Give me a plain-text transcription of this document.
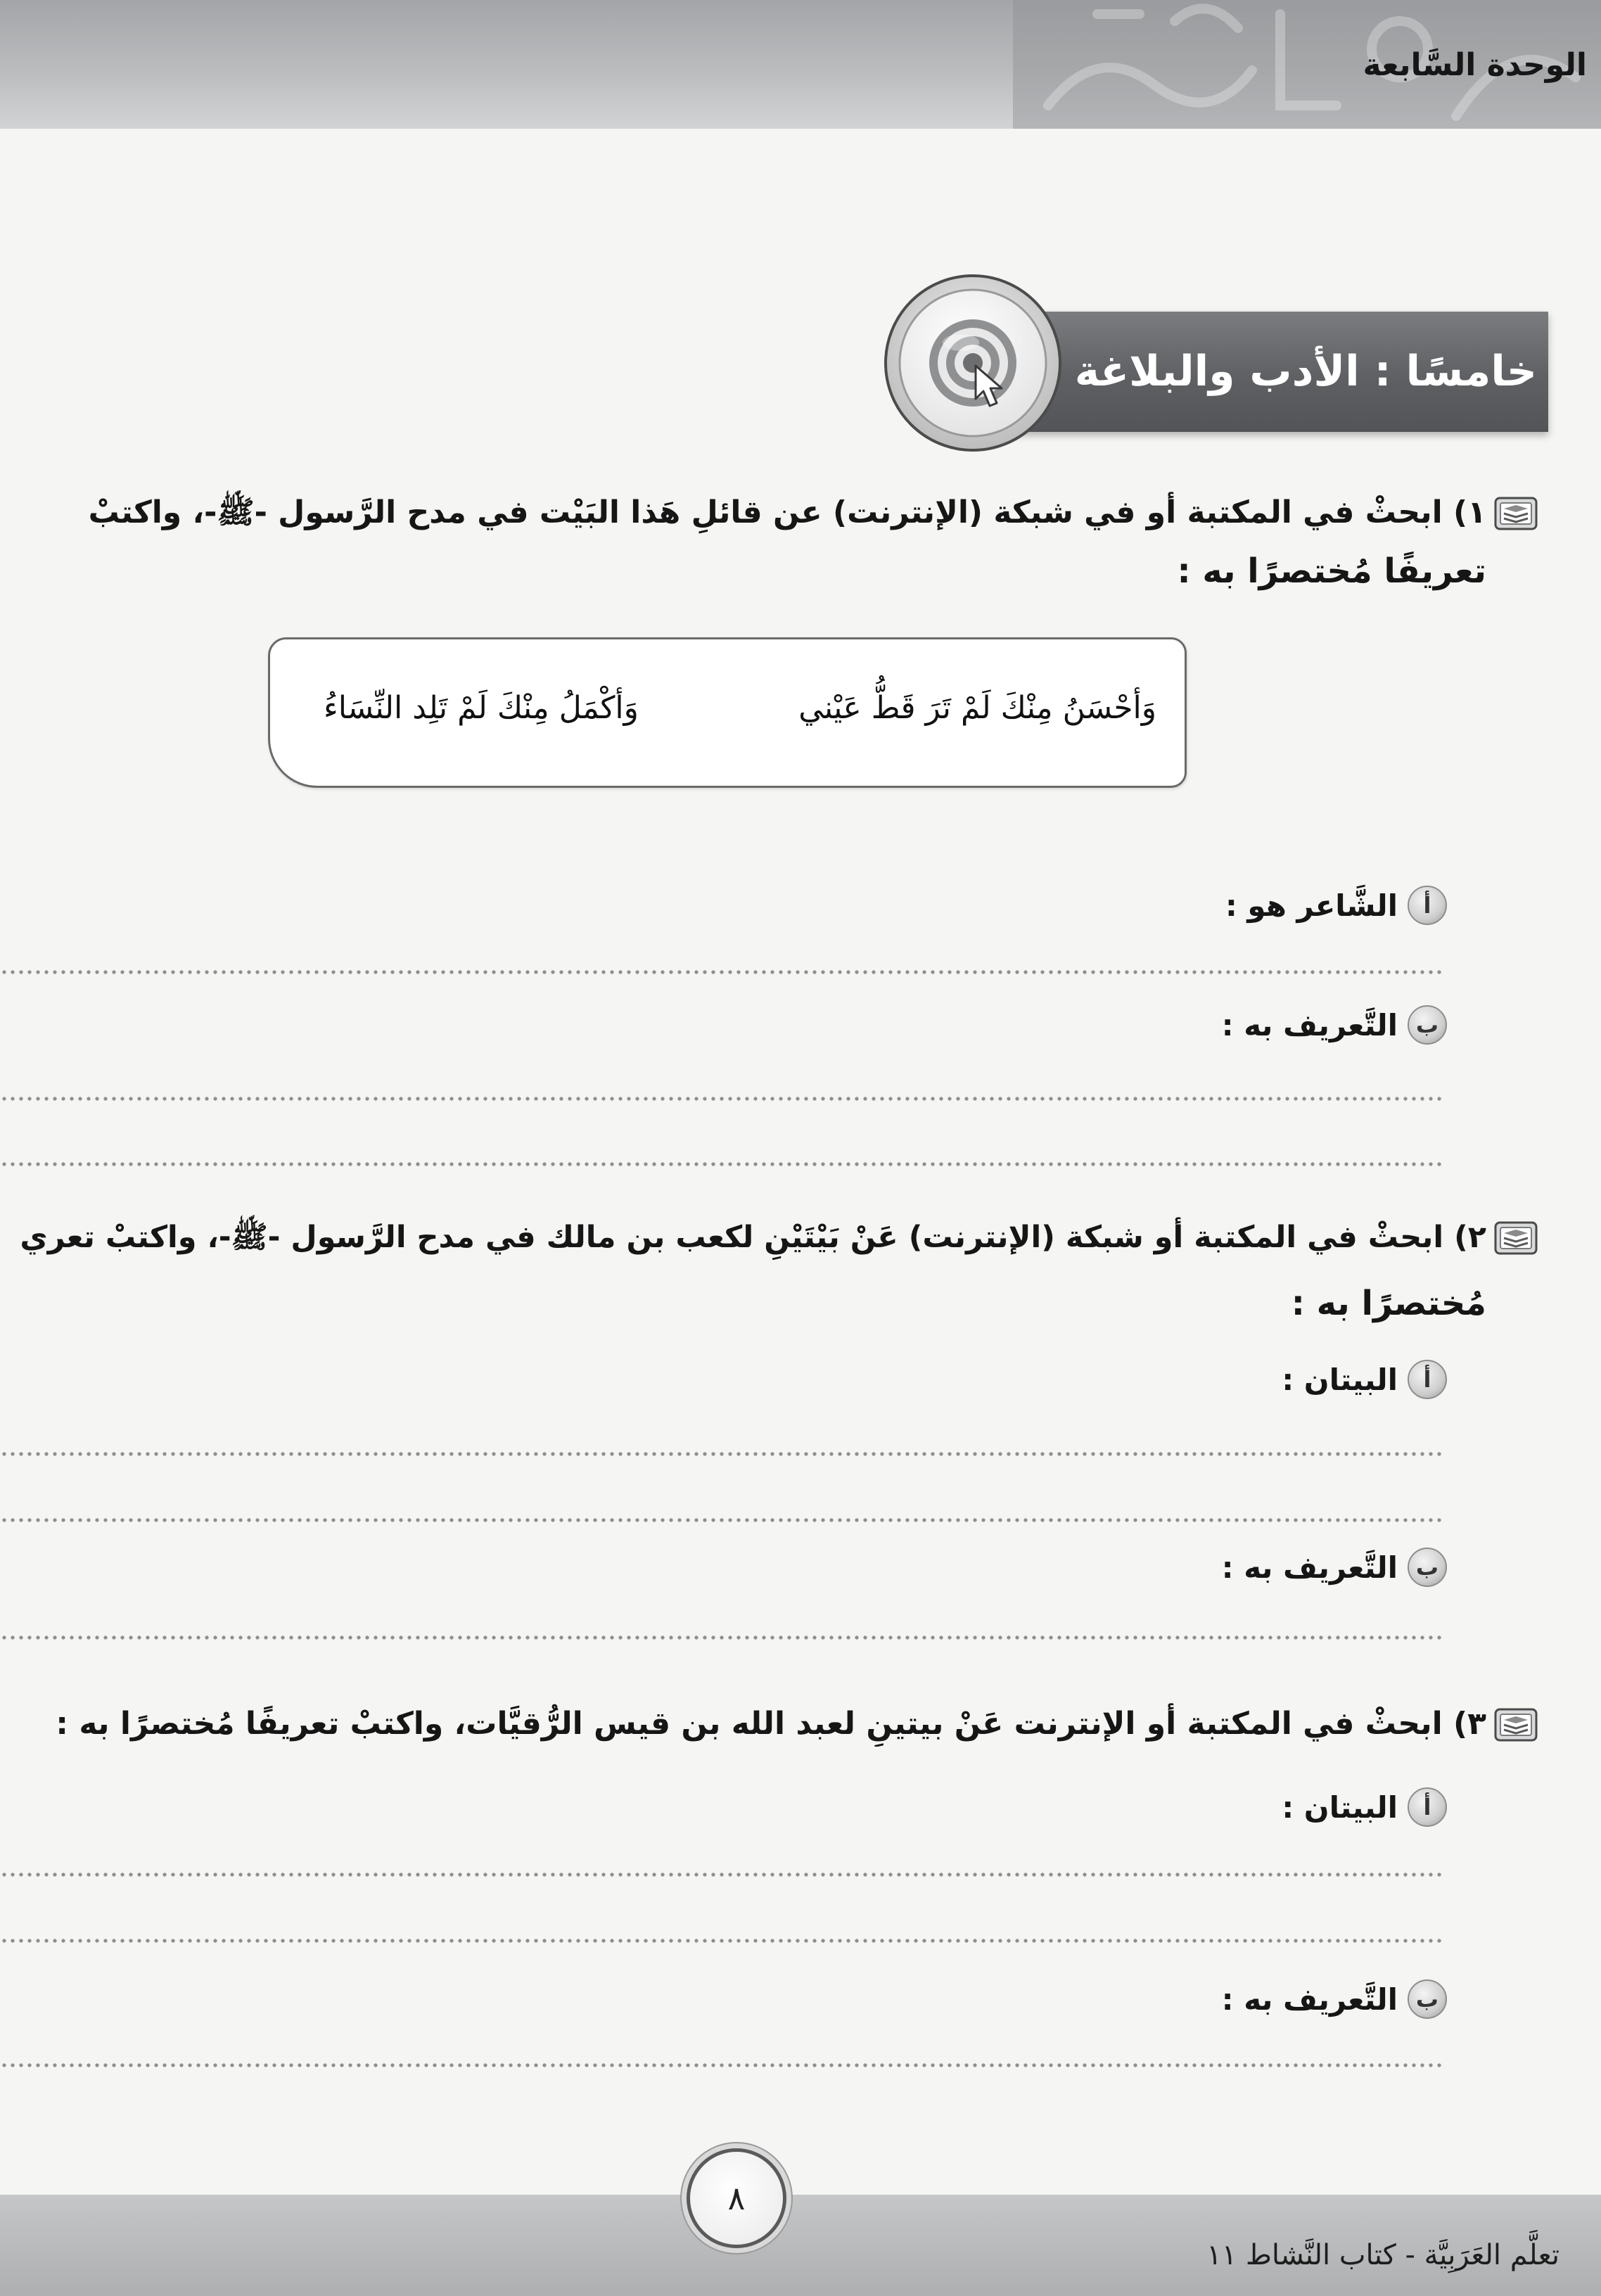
الوحدة السَّابعة
خامسًا : الأدب والبلاغة
١) ابحثْ في المكتبة أو في شبكة (الإنترنت) عن قائلِ هَذا البَيْت في مدح الرَّسول -ﷺ-، واكتبْ
تعريفًا مُختصرًا به :
وَأحْسَنُ مِنْكَ لَمْ تَرَ قَطُّ عَيْني
وَأكْمَلُ مِنْكَ لَمْ تَلِد النِّسَاءُ
أ
الشَّاعر هو :
ب
التَّعريف به :
٢) ابحثْ في المكتبة أو شبكة (الإنترنت) عَنْ بَيْتَيْنِ لكعب بن مالك في مدح الرَّسول -ﷺ-، واكتبْ تعري
مُختصرًا به :
أ
البيتان :
ب
التَّعريف به :
٣) ابحثْ في المكتبة أو الإنترنت عَنْ بيتينِ لعبد الله بن قيس الرُّقيَّات، واكتبْ تعريفًا مُختصرًا به :
أ
البيتان :
ب
التَّعريف به :
٨
تعلَّم العَرَبِيَّة - كتاب النَّشاط ١١
